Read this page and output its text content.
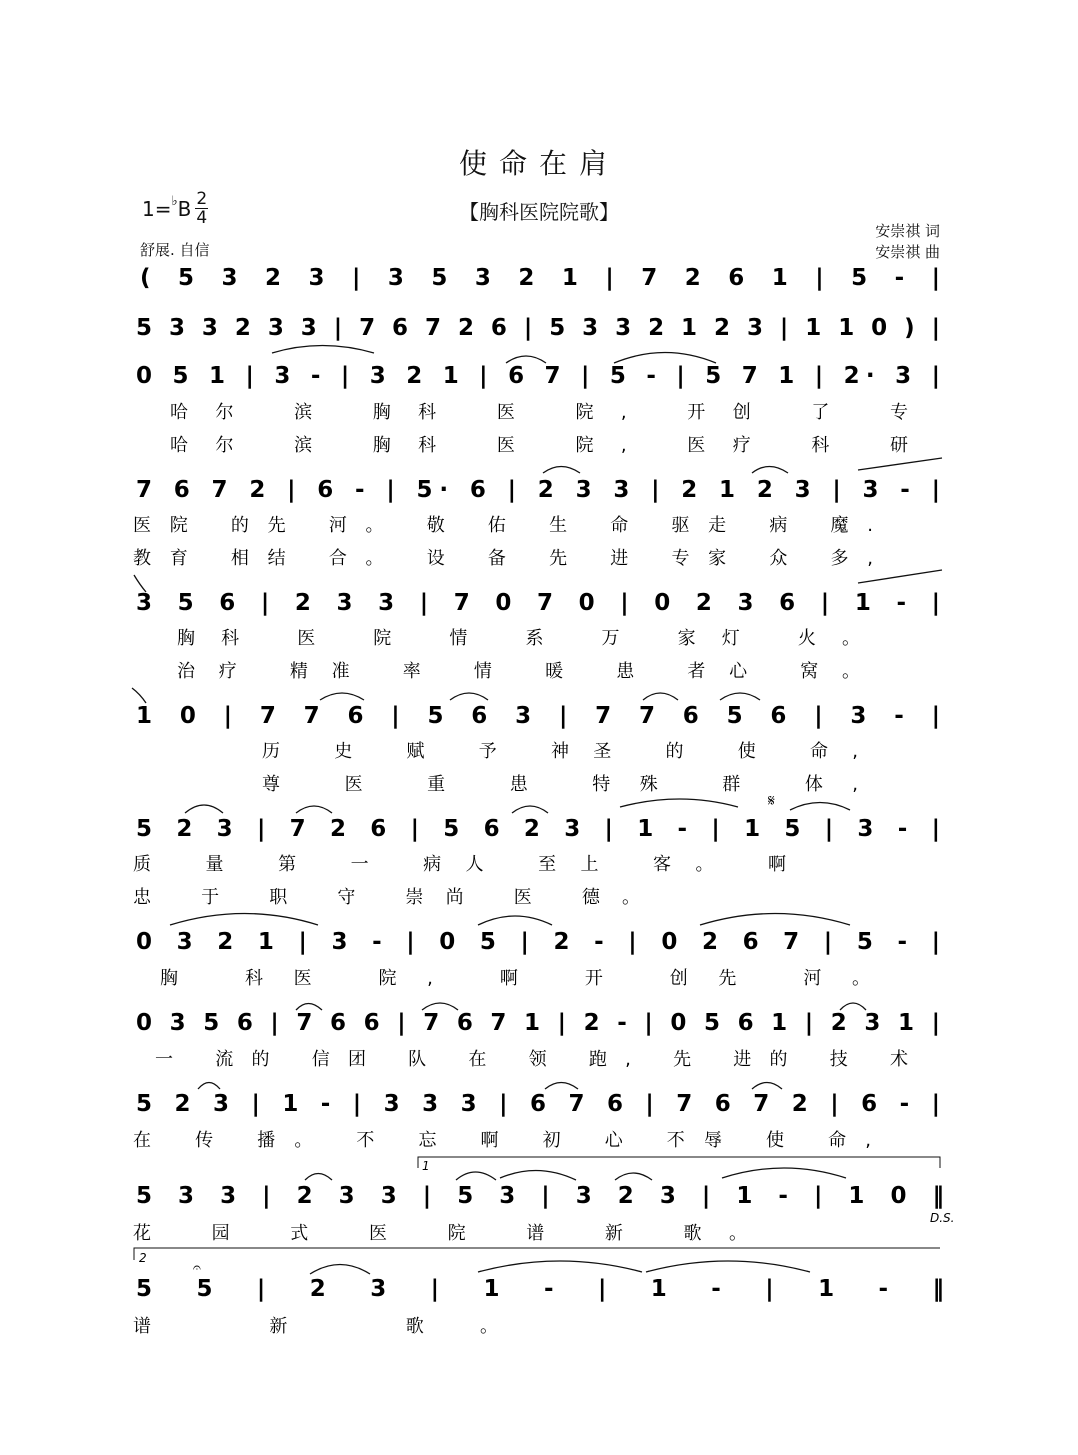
使命在肩
【胸科医院院歌】
1= ♭ B $\frac{2}{4}$
舒展. 自信
安崇祺 词
安崇祺 曲
( 5 3 2 3 | 3 5 3 2 1 | 7 2 6 1 | 5 - |
5 3 3 2 3 3 | 7 6 7 2 6 | 5 3 3 2 1 2 3 | 1 1 0 ) |
0 5 1 | 3 - | 3 2 1 | 6 7 | 5 - | 5 7 1 | 2· 3 |
7 6 7 2 | 6 - | 5· 6 | 2 3 3 | 2 1 2 3 | 3 - |
3 5 6 | 2 3 3 | 7 0 7 0 | 0 2 3 6 | 1 - |
1 0 | 7 7 6 | 5 6 3 | 7 7 6 5 6 | 3 - |
5 2 3 | 7 2 6 | 5 6 2 3 | 1 - | 1 5 | 3 - |
0 3 2 1 | 3 - | 0 5 | 2 - | 0 2 6 7 | 5 - |
0 3 5 6 | 7 6 6 | 7 6 7 1 | 2 - | 0 5 6 1 | 2 3 1 |
5 2 3 | 1 - | 3 3 3 | 6 7 6 | 7 6 7 2 | 6 - |
5 3 3 | 2 3 3 | 5 3 | 3 2 3 | 1 - | 1 0 ‖
5 5 | 2 3 | 1 - | 1 - | 1 - ‖
哈尔 滨 胸科 医 院, 开创 了 专
哈尔 滨 胸科 医 院, 医疗 科 研
医院 的先 河。 敬 佑 生 命 驱走 病 魔.
教育 相结 合。 设 备 先 进 专家 众 多,
胸科 医 院 情 系 万 家灯 火。
治疗 精准 率 情 暖 患 者心 窝。
历 史 赋 予 神圣 的 使 命,
尊 医 重 患 特殊 群 体,
质 量 第 一 病人 至上 客。 啊
忠 于 职 守 崇尚 医 德。
胸 科医 院, 啊 开 创先 河。
一 流的 信团 队 在 领 跑, 先 进的 技 术
在 传 播。 不 忘 啊 初 心 不辱 使 命,
花 园 式 医 院 谱 新 歌。
谱 新 歌。
1
2
𝄋
D.S.
𝄐
